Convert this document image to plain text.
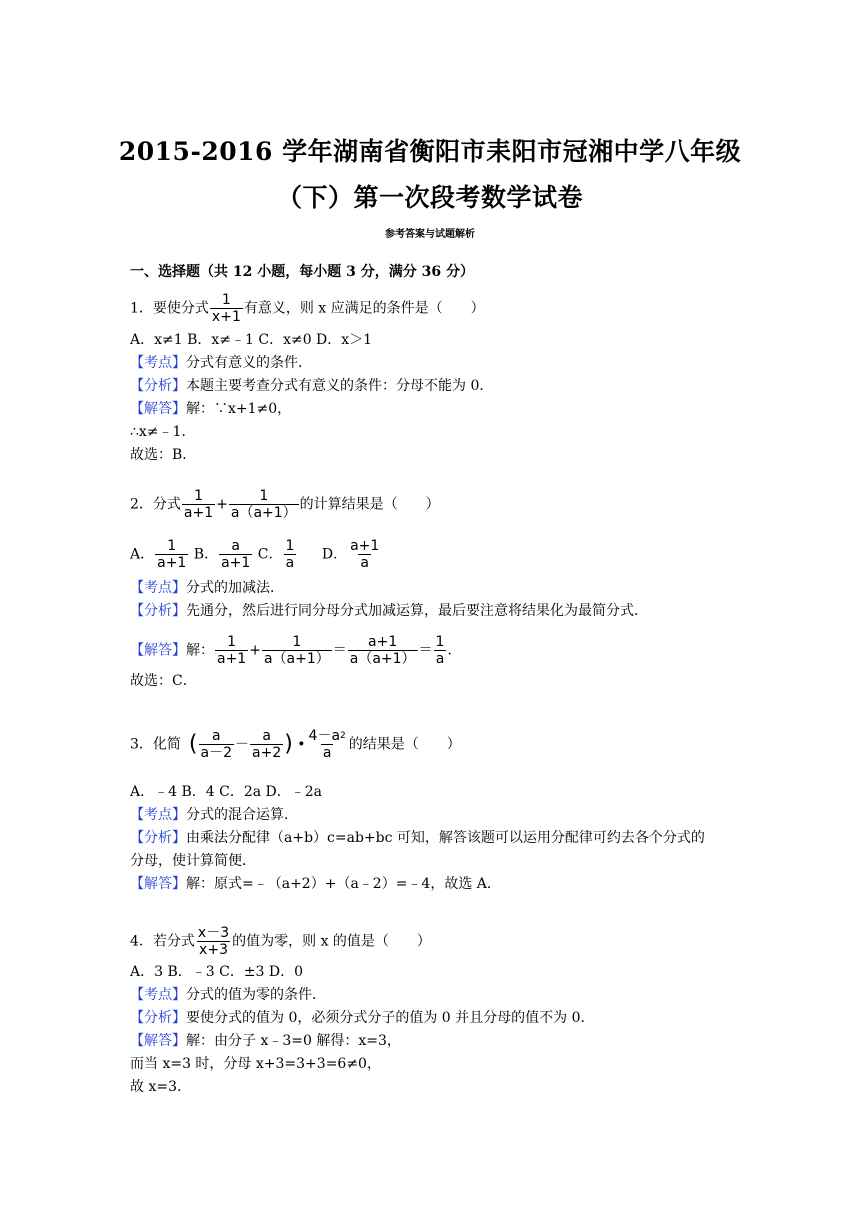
2015-2016 学年湖南省衡阳市耒阳市冠湘中学八年级
（下）第一次段考数学试卷
参考答案与试题解析
一、选择题（共 12 小题，每小题 3 分，满分 36 分）
1．要使分式 $\frac{1}{x+1}$ 有意义，则 x 应满足的条件是（　　）
A．x≠1 B．x≠﹣1 C．x≠0 D．x＞1
【考点】分式有意义的条件．
【分析】本题主要考查分式有意义的条件：分母不能为 0．
【解答】解：∵x+1≠0，
∴x≠﹣1．
故选：B．
2．分式 $\frac{1}{a+1} + \frac{1}{a(a+1)}$ 的计算结果是（　　）
A． $\frac{1}{a+1}$ B． $\frac{a}{a+1}$ C． $\frac{1}{a}$ D． $\frac{a+1}{a}$
【考点】分式的加减法．
【分析】先通分，然后进行同分母分式加减运算，最后要注意将结果化为最简分式．
【解答】解： $\frac{1}{a+1} + \frac{1}{a(a+1)} = \frac{a+1}{a(a+1)} = \frac{1}{a}$ ．
故选：C．
3．化简 ( $\frac{a}{a-2} - \frac{a}{a+2}$ ) • $\frac{4-a^2}{a}$ 的结果是（　　）
A．﹣4 B．4 C．2a D．﹣2a
【考点】分式的混合运算．
【分析】由乘法分配律（a+b）c=ab+bc 可知，解答该题可以运用分配律可约去各个分式的
分母，使计算简便．
【解答】解：原式=﹣（a+2）+（a﹣2）=﹣4，故选 A．
4．若分式 $\frac{x-3}{x+3}$ 的值为零，则 x 的值是（　　）
A．3 B．﹣3 C．±3 D．0
【考点】分式的值为零的条件．
【分析】要使分式的值为 0，必须分式分子的值为 0 并且分母的值不为 0．
【解答】解：由分子 x﹣3=0 解得：x=3，
而当 x=3 时，分母 x+3=3+3=6≠0，
故 x=3．
